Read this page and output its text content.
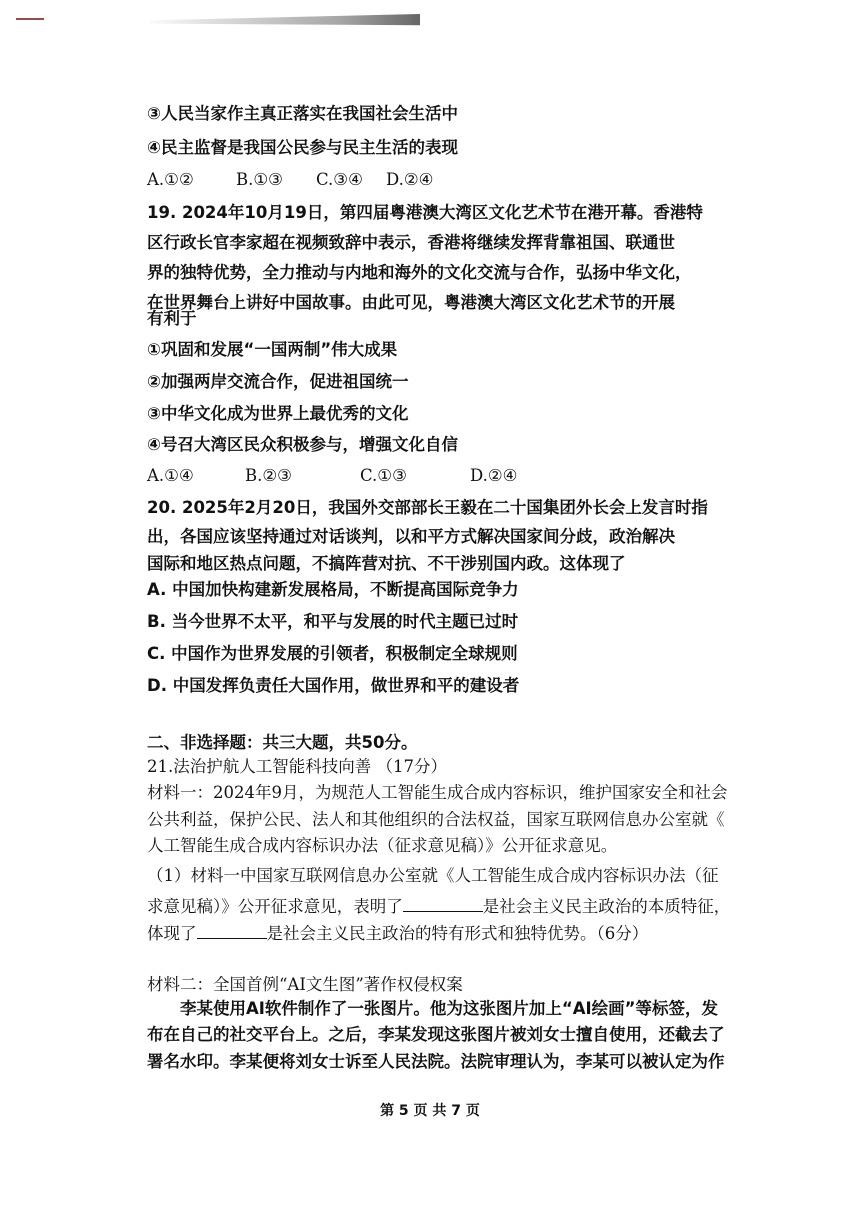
③人民当家作主真正落实在我国社会生活中
④民主监督是我国公民参与民主生活的表现
A.①②	B.①③ C.③④ D.②④
19. 2024年10月19日，第四届粤港澳大湾区文化艺术节在港开幕。香港特
区行政长官李家超在视频致辞中表示，香港将继续发挥背靠祖国、联通世
界的独特优势，全力推动与内地和海外的文化交流与合作，弘扬中华文化，
在世界舞台上讲好中国故事。由此可见，粤港澳大湾区文化艺术节的开展
有利于
①巩固和发展“一国两制”伟大成果
②加强两岸交流合作，促进祖国统一
③中华文化成为世界上最优秀的文化
④号召大湾区民众积极参与，增强文化自信
A.①④	B.②③	C.①③	D.②④
20. 2025年2月20日，我国外交部部长王毅在二十国集团外长会上发言时指
出，各国应该坚持通过对话谈判，以和平方式解决国家间分歧，政治解决
国际和地区热点问题，不搞阵营对抗、不干涉别国内政。这体现了
A. 中国加快构建新发展格局，不断提高国际竞争力
B. 当今世界不太平，和平与发展的时代主题已过时
C. 中国作为世界发展的引领者，积极制定全球规则
D. 中国发挥负责任大国作用，做世界和平的建设者
二、非选择题：共三大题，共50分。
21.法治护航人工智能科技向善 （17分）
材料一：2024年9月，为规范人工智能生成合成内容标识，维护国家安全和社会
公共利益，保护公民、法人和其他组织的合法权益，国家互联网信息办公室就《
人工智能生成合成内容标识办法（征求意见稿）》公开征求意见。
（1）材料一中国家互联网信息办公室就《人工智能生成合成内容标识办法（征
求意见稿）》公开征求意见，表明了	是社会主义民主政治的本质特征，
体现了	是社会主义民主政治的特有形式和独特优势。（6分）
材料二：全国首例“AI文生图”著作权侵权案
李某使用AI软件制作了一张图片。他为这张图片加上“AI绘画”等标签，发
布在自己的社交平台上。之后，李某发现这张图片被刘女士擅自使用，还截去了
署名水印。李某便将刘女士诉至人民法院。法院审理认为，李某可以被认定为作
第 5 页 共 7 页
